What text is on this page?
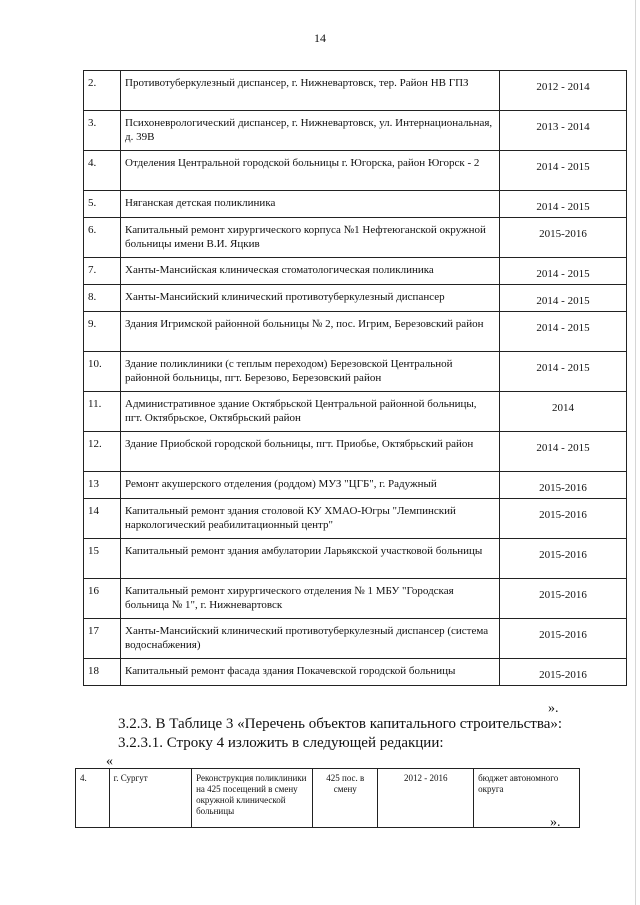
14
2.	Противотуберкулезный диспансер, г. Нижневартовск, тер. Район НВ ГПЗ	2012 - 2014
3.	Психоневрологический диспансер, г. Нижневартовск, ул. Интернациональная, д. 39В	2013 - 2014
4.	Отделения Центральной городской больницы г. Югорска, район Югорск - 2	2014 - 2015
5.	Няганская детская поликлиника	2014 - 2015
6.	Капитальный ремонт хирургического корпуса №1 Нефтеюганской окружной больницы имени В.И. Яцкив	2015-2016
7.	Ханты-Мансийская клиническая стоматологическая поликлиника	2014 - 2015
8.	Ханты-Мансийский клинический противотуберкулезный диспансер	2014 - 2015
9.	Здания Игримской районной больницы № 2, пос. Игрим, Березовский район	2014 - 2015
10.	Здание поликлиники (с теплым переходом) Березовской Центральной районной больницы, пгт. Березово, Березовский район	2014 - 2015
11.	Административное здание Октябрьской Центральной районной больницы, пгт. Октябрьское, Октябрьский район	2014
12.	Здание Приобской городской больницы, пгт. Приобье, Октябрьский район	2014 - 2015
13	Ремонт акушерского отделения (роддом) МУЗ "ЦГБ", г. Радужный	2015-2016
14	Капитальный ремонт здания столовой КУ ХМАО-Югры "Лемпинский наркологический реабилитационный центр"	2015-2016
15	Капитальный ремонт здания амбулатории Ларьякской участковой больницы	2015-2016
16	Капитальный ремонт хирургического отделения № 1 МБУ "Городская больница № 1", г. Нижневартовск	2015-2016
17	Ханты-Мансийский клинический противотуберкулезный диспансер (система водоснабжения)	2015-2016
18	Капитальный ремонт фасада здания Покачевской городской больницы	2015-2016
».
3.2.3. В Таблице 3 «Перечень объектов капитального строительства»:
3.2.3.1. Строку 4 изложить в следующей редакции:
«
4.	г. Сургут	Реконструкция поликлиники на 425 посещений в смену окружной клинической больницы	425 пос. в смену	2012 - 2016	бюджет автономного округа
».
